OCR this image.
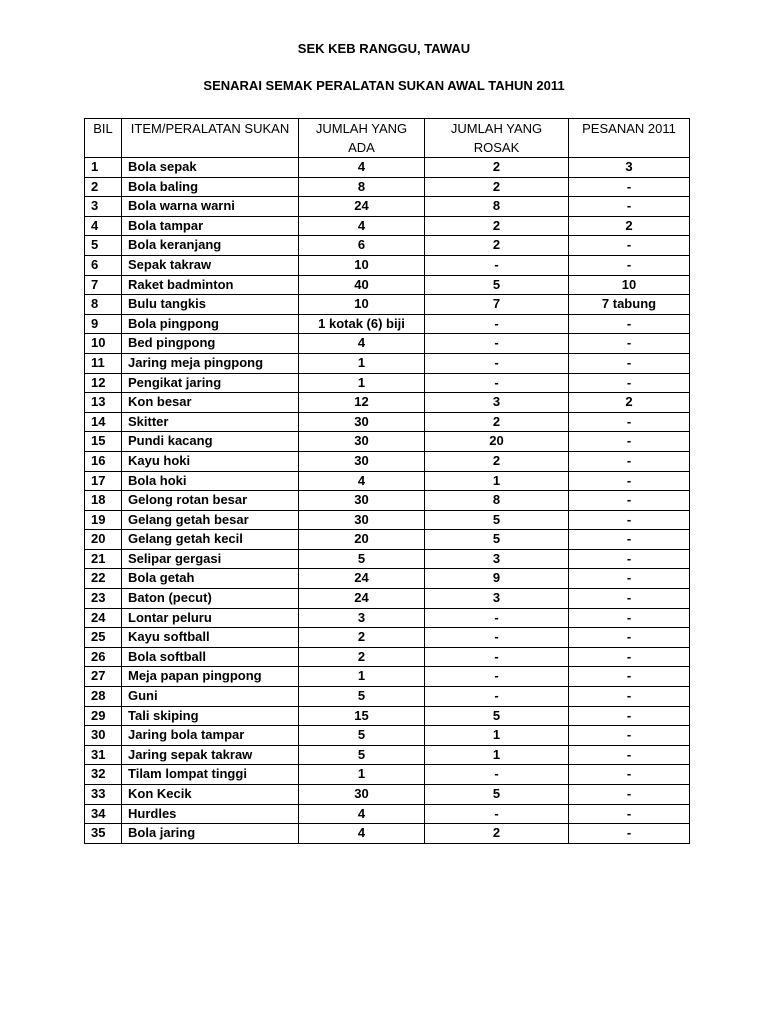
SEK KEB RANGGU, TAWAU
SENARAI SEMAK PERALATAN SUKAN AWAL TAHUN 2011
BIL	ITEM/PERALATAN SUKAN	JUMLAH YANG ADA	JUMLAH YANG ROSAK	PESANAN 2011
1	Bola sepak	4	2	3
2	Bola baling	8	2	-
3	Bola warna warni	24	8	-
4	Bola tampar	4	2	2
5	Bola keranjang	6	2	-
6	Sepak takraw	10	-	-
7	Raket badminton	40	5	10
8	Bulu tangkis	10	7	7 tabung
9	Bola pingpong	1 kotak (6) biji	-	-
10	Bed pingpong	4	-	-
11	Jaring meja pingpong	1	-	-
12	Pengikat jaring	1	-	-
13	Kon besar	12	3	2
14	Skitter	30	2	-
15	Pundi kacang	30	20	-
16	Kayu hoki	30	2	-
17	Bola hoki	4	1	-
18	Gelong rotan besar	30	8	-
19	Gelang getah besar	30	5	-
20	Gelang getah kecil	20	5	-
21	Selipar gergasi	5	3	-
22	Bola getah	24	9	-
23	Baton (pecut)	24	3	-
24	Lontar peluru	3	-	-
25	Kayu softball	2	-	-
26	Bola softball	2	-	-
27	Meja papan pingpong	1	-	-
28	Guni	5	-	-
29	Tali skiping	15	5	-
30	Jaring bola tampar	5	1	-
31	Jaring sepak takraw	5	1	-
32	Tilam lompat tinggi	1	-	-
33	Kon Kecik	30	5	-
34	Hurdles	4	-	-
35	Bola jaring	4	2	-
